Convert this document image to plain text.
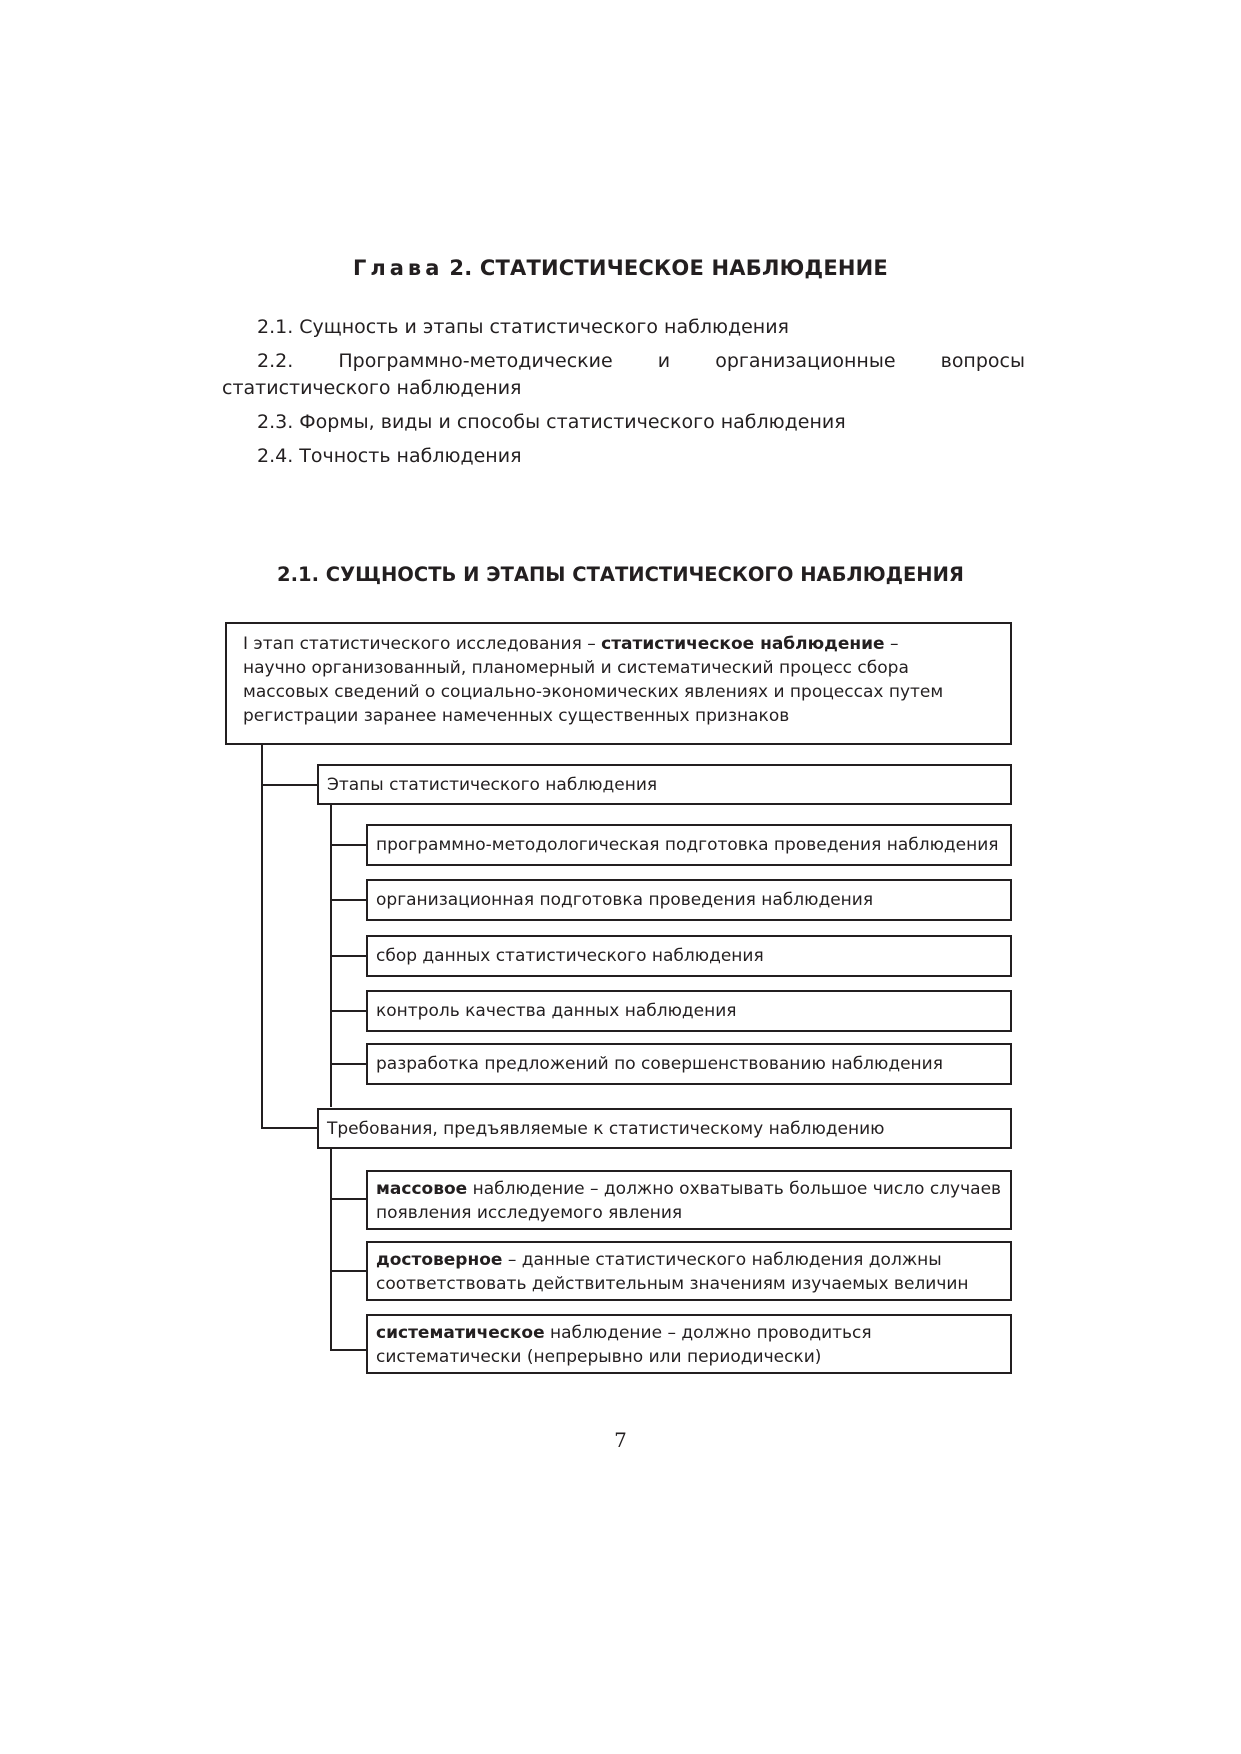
Глава 2. СТАТИСТИЧЕСКОЕ НАБЛЮДЕНИЕ

2.1. Сущность и этапы статистического наблюдения

2.2. Программно-методические и организационные вопросы статистического наблюдения

2.3. Формы, виды и способы статистического наблюдения

2.4. Точность наблюдения

2.1. СУЩНОСТЬ И ЭТАПЫ СТАТИСТИЧЕСКОГО НАБЛЮДЕНИЯ
I этап статистического исследования – статистическое наблюдение –
научно организованный, планомерный и систематический процесс сбора массовых сведений о социально-экономических явлениях и процессах путем регистрации заранее намеченных существенных признаков
Этапы статистического наблюдения
программно-методологическая подготовка проведения наблюдения
организационная подготовка проведения наблюдения
сбор данных статистического наблюдения
контроль качества данных наблюдения
разработка предложений по совершенствованию наблюдения
Требования, предъявляемые к статистическому наблюдению
массовое наблюдение – должно охватывать большое число случаев появления исследуемого явления
достоверное – данные статистического наблюдения должны соответствовать действительным значениям изучаемых величин
систематическое наблюдение – должно проводиться систематически (непрерывно или периодически)
7
